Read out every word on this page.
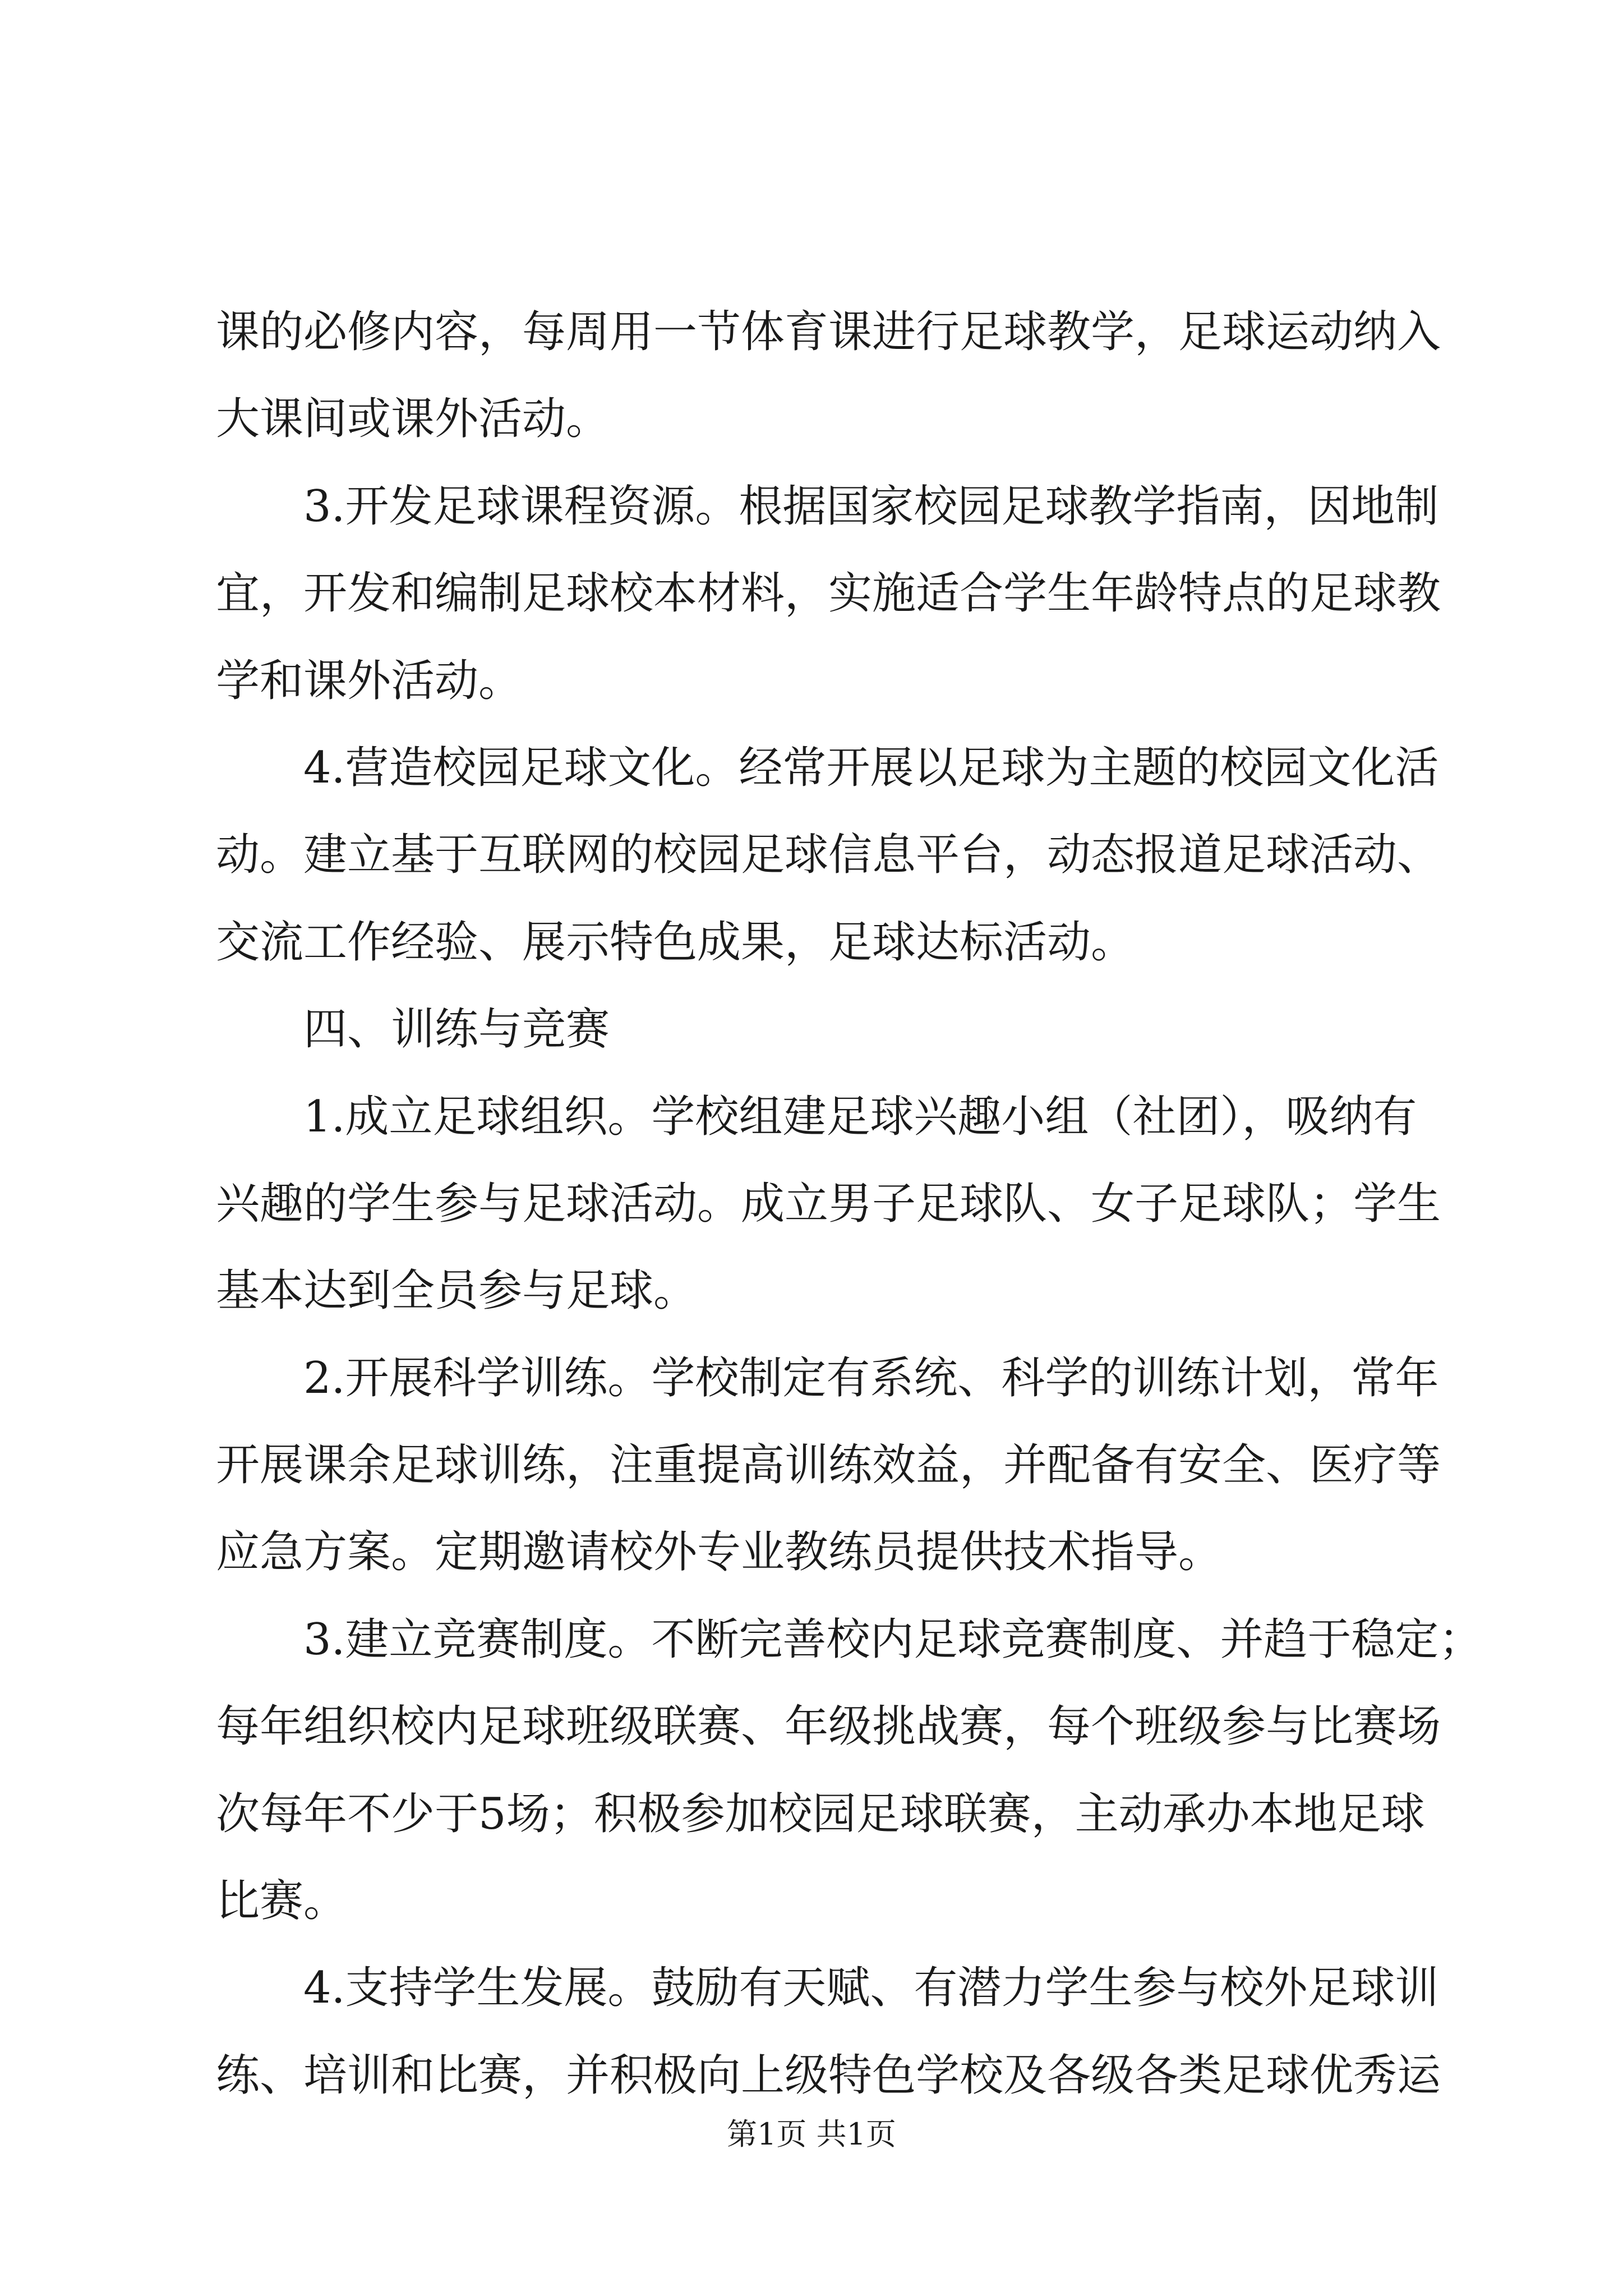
课的必修内容，每周用一节体育课进行足球教学，足球运动纳入
大课间或课外活动。
3.开发足球课程资源。根据国家校园足球教学指南，因地制
宜，开发和编制足球校本材料，实施适合学生年龄特点的足球教
学和课外活动。
4.营造校园足球文化。经常开展以足球为主题的校园文化活
动。建立基于互联网的校园足球信息平台，动态报道足球活动、
交流工作经验、展示特色成果，足球达标活动。
四、训练与竞赛
1.成立足球组织。学校组建足球兴趣小组（社团），吸纳有
兴趣的学生参与足球活动。成立男子足球队、女子足球队；学生
基本达到全员参与足球。
2.开展科学训练。学校制定有系统、科学的训练计划，常年
开展课余足球训练，注重提高训练效益，并配备有安全、医疗等
应急方案。定期邀请校外专业教练员提供技术指导。
3.建立竞赛制度。不断完善校内足球竞赛制度、并趋于稳定；
每年组织校内足球班级联赛、年级挑战赛，每个班级参与比赛场
次每年不少于5场；积极参加校园足球联赛，主动承办本地足球
比赛。
4.支持学生发展。鼓励有天赋、有潜力学生参与校外足球训
练、培训和比赛，并积极向上级特色学校及各级各类足球优秀运
第1页 共1页
